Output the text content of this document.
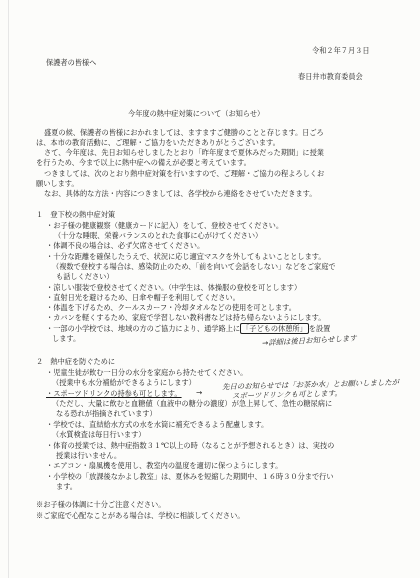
令和２年７月３日
保護者の皆様へ
春日井市教育委員会
今年度の熱中症対策について（お知らせ）
盛夏の候、保護者の皆様におかれましては、ますますご健勝のことと存じます。日ごろ
は、本市の教育活動に、ご理解・ご協力をいただきありがとうございます。
さて、今年度は、先日お知らせしましたとおり「昨年度まで夏休みだった期間」に授業
を行うため、今まで以上に熱中症への備えが必要と考えています。
つきましては、次のとおり熱中症対策を行いますので、ご理解・ご協力の程よろしくお
願いします。
なお、具体的な方法・内容につきましては、各学校から連絡をさせていただきます。
１　登下校の熱中症対策
・お子様の健康観察（健康カードに記入）をして、登校させてください。
（十分な睡眠、栄養バランスのとれた食事に心がけてください）
・体調不良の場合は、必ず欠席させてください。
・十分な距離を確保したうえで、状況に応じ適宜マスクを外してもよいこととします。
（複数で登校する場合は、感染防止のため、「前を向いて会話をしない」などをご家庭で
も話しください）
・涼しい服装で登校させてください。（中学生は、体操服の登校を可とします）
・直射日光を避けるため、日傘や帽子を利用してください。
・体温を下げるため、クールスカーフ・冷却タオルなどの使用を可とします。
・カバンを軽くするため、家庭で学習しない教科書などは持ち帰らないようにします。
・一部の小学校では、地域の方のご協力により、通学路上に 「子どもの休憩所」 を設置
します。	→詳細は後日お知らせします
２　熱中症を防ぐために
・児童生徒が飲む一日分の水分を家庭から持たせてください。
（授業中も水分補給ができるようにします）	先日のお知らせでは「お茶か水」とお願いしましたが
・スポーツドリンクの持参も可とします。 →	スポーツドリンクも可とします。
（ただし、大量に飲むと血糖値（血液中の糖分の濃度）が急上昇して、急性の糖尿病に
なる恐れが指摘されています）
・学校では、直結給水方式の水を水筒に補充できるよう配慮します。
（水質検査は毎日行います）
・体育の授業では、熱中症指数３１℃以上の時（なることが予想されるとき）は、実技の
授業は行いません。
・エアコン・扇風機を使用し、教室内の温度を適切に保つようにします。
・小学校の「放課後なかよし教室」は、夏休みを短縮した期間中、１６時３０分まで行い
ます。
※お子様の体調に十分ご注意ください。
※ご家庭で心配なことがある場合は、学校に相談してください。
